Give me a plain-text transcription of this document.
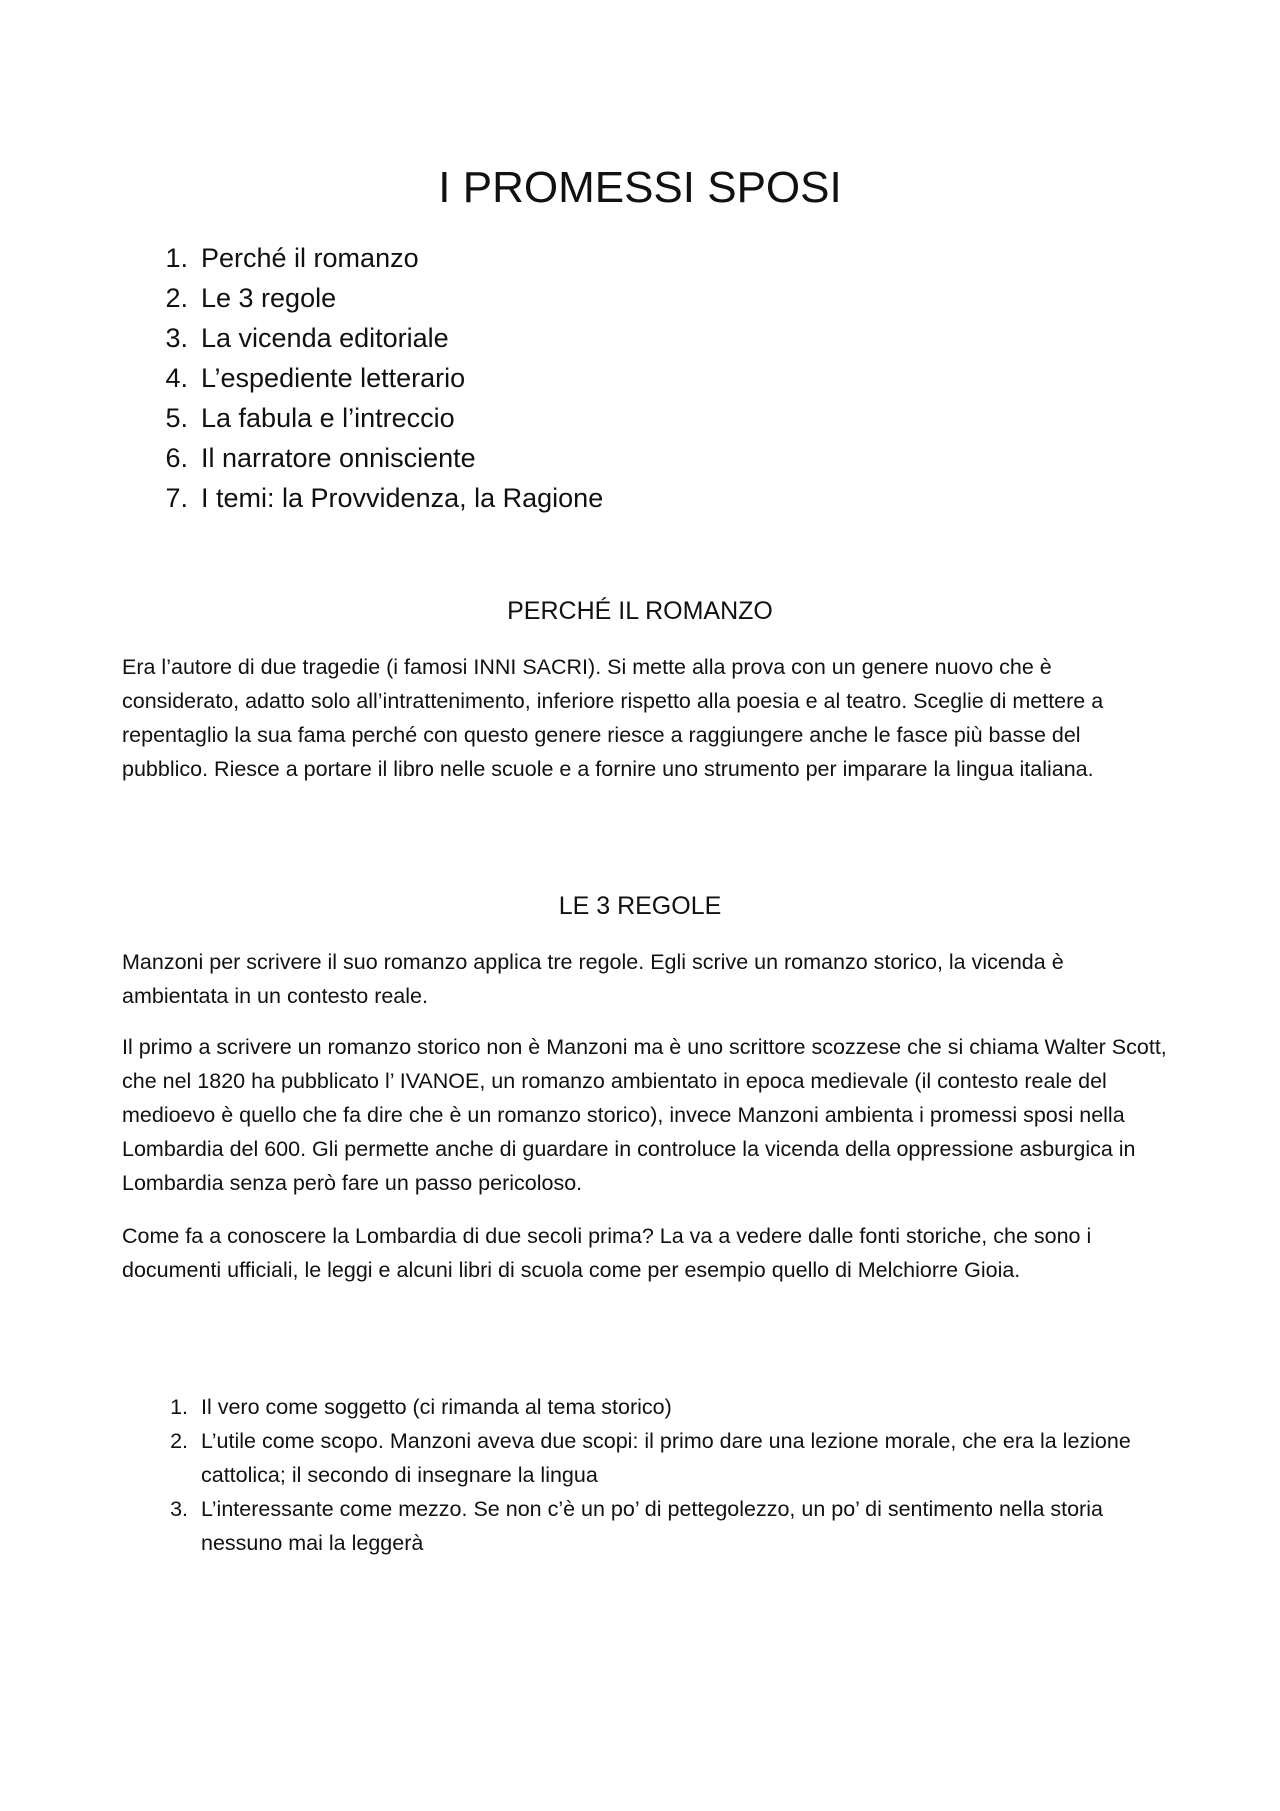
I PROMESSI SPOSI
1. Perché il romanzo
2. Le 3 regole
3. La vicenda editoriale
4. L’espediente letterario
5. La fabula e l’intreccio
6. Il narratore onnisciente
7. I temi: la Provvidenza, la Ragione
PERCHÉ IL ROMANZO

Era l’autore di due tragedie (i famosi INNI SACRI). Si mette alla prova con un genere nuovo che è considerato, adatto solo all’intrattenimento, inferiore rispetto alla poesia e al teatro. Sceglie di mettere a repentaglio la sua fama perché con questo genere riesce a raggiungere anche le fasce più basse del pubblico. Riesce a portare il libro nelle scuole e a fornire uno strumento per imparare la lingua italiana.

LE 3 REGOLE

Manzoni per scrivere il suo romanzo applica tre regole. Egli scrive un romanzo storico, la vicenda è ambientata in un contesto reale.

Il primo a scrivere un romanzo storico non è Manzoni ma è uno scrittore scozzese che si chiama Walter Scott, che nel 1820 ha pubblicato l’ IVANOE, un romanzo ambientato in epoca medievale (il contesto reale del medioevo è quello che fa dire che è un romanzo storico), invece Manzoni ambienta i promessi sposi nella Lombardia del 600. Gli permette anche di guardare in controluce la vicenda della oppressione asburgica in Lombardia senza però fare un passo pericoloso.

Come fa a conoscere la Lombardia di due secoli prima? La va a vedere dalle fonti storiche, che sono i documenti ufficiali, le leggi e alcuni libri di scuola come per esempio quello di Melchiorre Gioia.

1. Il vero come soggetto (ci rimanda al tema storico)
2. L’utile come scopo. Manzoni aveva due scopi: il primo dare una lezione morale, che era la lezione cattolica; il secondo di insegnare la lingua
3. L’interessante come mezzo. Se non c’è un po’ di pettegolezzo, un po’ di sentimento nella storia nessuno mai la leggerà
